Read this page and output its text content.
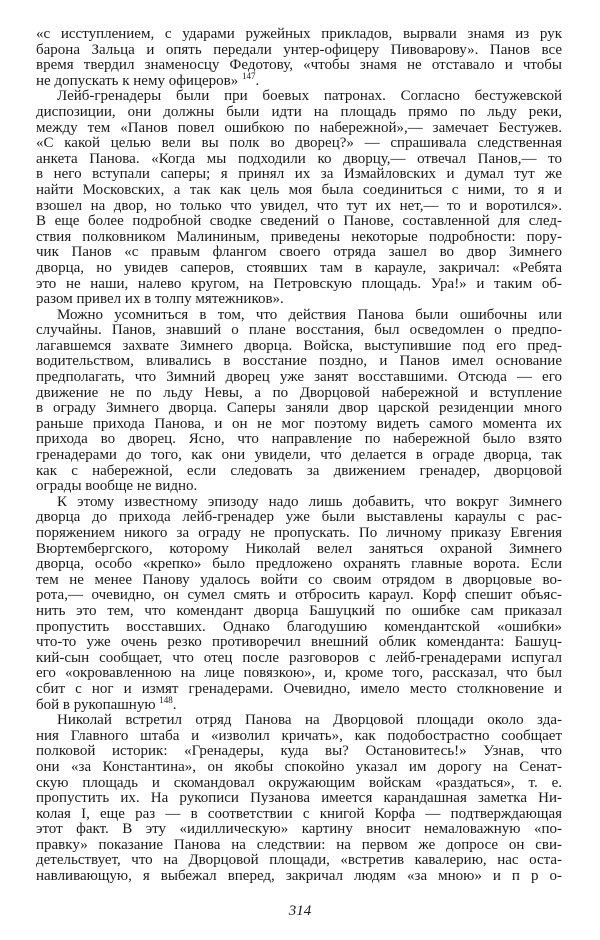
«с исступлением, с ударами ружейных прикладов, вырвали знамя из рук
барона Зальца и опять передали унтер-офицеру Пивоварову». Панов все
время твердил знаменосцу Федотову, «чтобы знамя не отставало и чтобы
не допускать к нему офицеров» $^{147}$.
Лейб-гренадеры были при боевых патронах. Согласно бестужевской
диспозиции, они должны были идти на площадь прямо по льду реки,
между тем «Панов повел ошибкою по набережной»,— замечает Бестужев.
«С какой целью вели вы полк во дворец?» — спрашивала следственная
анкета Панова. «Когда мы подходили ко дворцу,— отвечал Панов,— то
в него вступали саперы; я принял их за Измайловских и думал тут же
найти Московских, а так как цель моя была соединиться с ними, то я и
взошел на двор, но только что увидел, что тут их нет,— то и воротился».
В еще более подробной сводке сведений о Панове, составленной для след-
ствия полковником Малининым, приведены некоторые подробности: пору-
чик Панов «с правым флангом своего отряда зашел во двор Зимнего
дворца, но увидев саперов, стоявших там в карауле, закричал: «Ребята
это не наши, налево кругом, на Петровскую площадь. Ура!» и таким об-
разом привел их в толпу мятежников».
Можно усомниться в том, что действия Панова были ошибочны или
случайны. Панов, знавший о плане восстания, был осведомлен о предпо-
лагавшемся захвате Зимнего дворца. Войска, выступившие под его пред-
водительством, вливались в восстание поздно, и Панов имел основание
предполагать, что Зимний дворец уже занят восставшими. Отсюда — его
движение не по льду Невы, а по Дворцовой набережной и вступление
в ограду Зимнего дворца. Саперы заняли двор царской резиденции много
раньше прихода Панова, и он не мог поэтому видеть самого момента их
прихода во дворец. Ясно, что направление по набережной было взято
гренадерами до того, как они увидели, что́ делается в ограде дворца, так
как с набережной, если следовать за движением гренадер, дворцовой
ограды вообще не видно.
К этому известному эпизоду надо лишь добавить, что вокруг Зимнего
дворца до прихода лейб-гренадер уже были выставлены караулы с рас-
поряжением никого за ограду не пропускать. По личному приказу Евгения
Вюртембергского, которому Николай велел заняться охраной Зимнего
дворца, особо «крепко» было предложено охранять главные ворота. Если
тем не менее Панову удалось войти со своим отрядом в дворцовые во-
рота,— очевидно, он сумел смять и отбросить караул. Корф спешит объяс-
нить это тем, что комендант дворца Башуцкий по ошибке сам приказал
пропустить восставших. Однако благодушию комендантской «ошибки»
что-то уже очень резко противоречил внешний облик коменданта: Башуц-
кий-сын сообщает, что отец после разговоров с лейб-гренадерами испугал
его «окровавленною на лице повязкою», и, кроме того, рассказал, что был
сбит с ног и измят гренадерами. Очевидно, имело место столкновение и
бой в рукопашную $^{148}$.
Николай встретил отряд Панова на Дворцовой площади около зда-
ния Главного штаба и «изволил кричать», как подобострастно сообщает
полковой историк: «Гренадеры, куда вы? Остановитесь!» Узнав, что
они «за Константина», он якобы спокойно указал им дорогу на Сенат-
скую площадь и скомандовал окружающим войскам «раздаться», т. е.
пропустить их. На рукописи Пузанова имеется карандашная заметка Ни-
колая I, еще раз — в соответствии с книгой Корфа — подтверждающая
этот факт. В эту «идиллическую» картину вносит немаловажную «по-
правку» показание Панова на следствии: на первом же допросе он сви-
детельствует, что на Дворцовой площади, «встретив кавалерию, нас оста-
навливающую, я выбежал вперед, закричал людям «за мною» и п р о-
314
